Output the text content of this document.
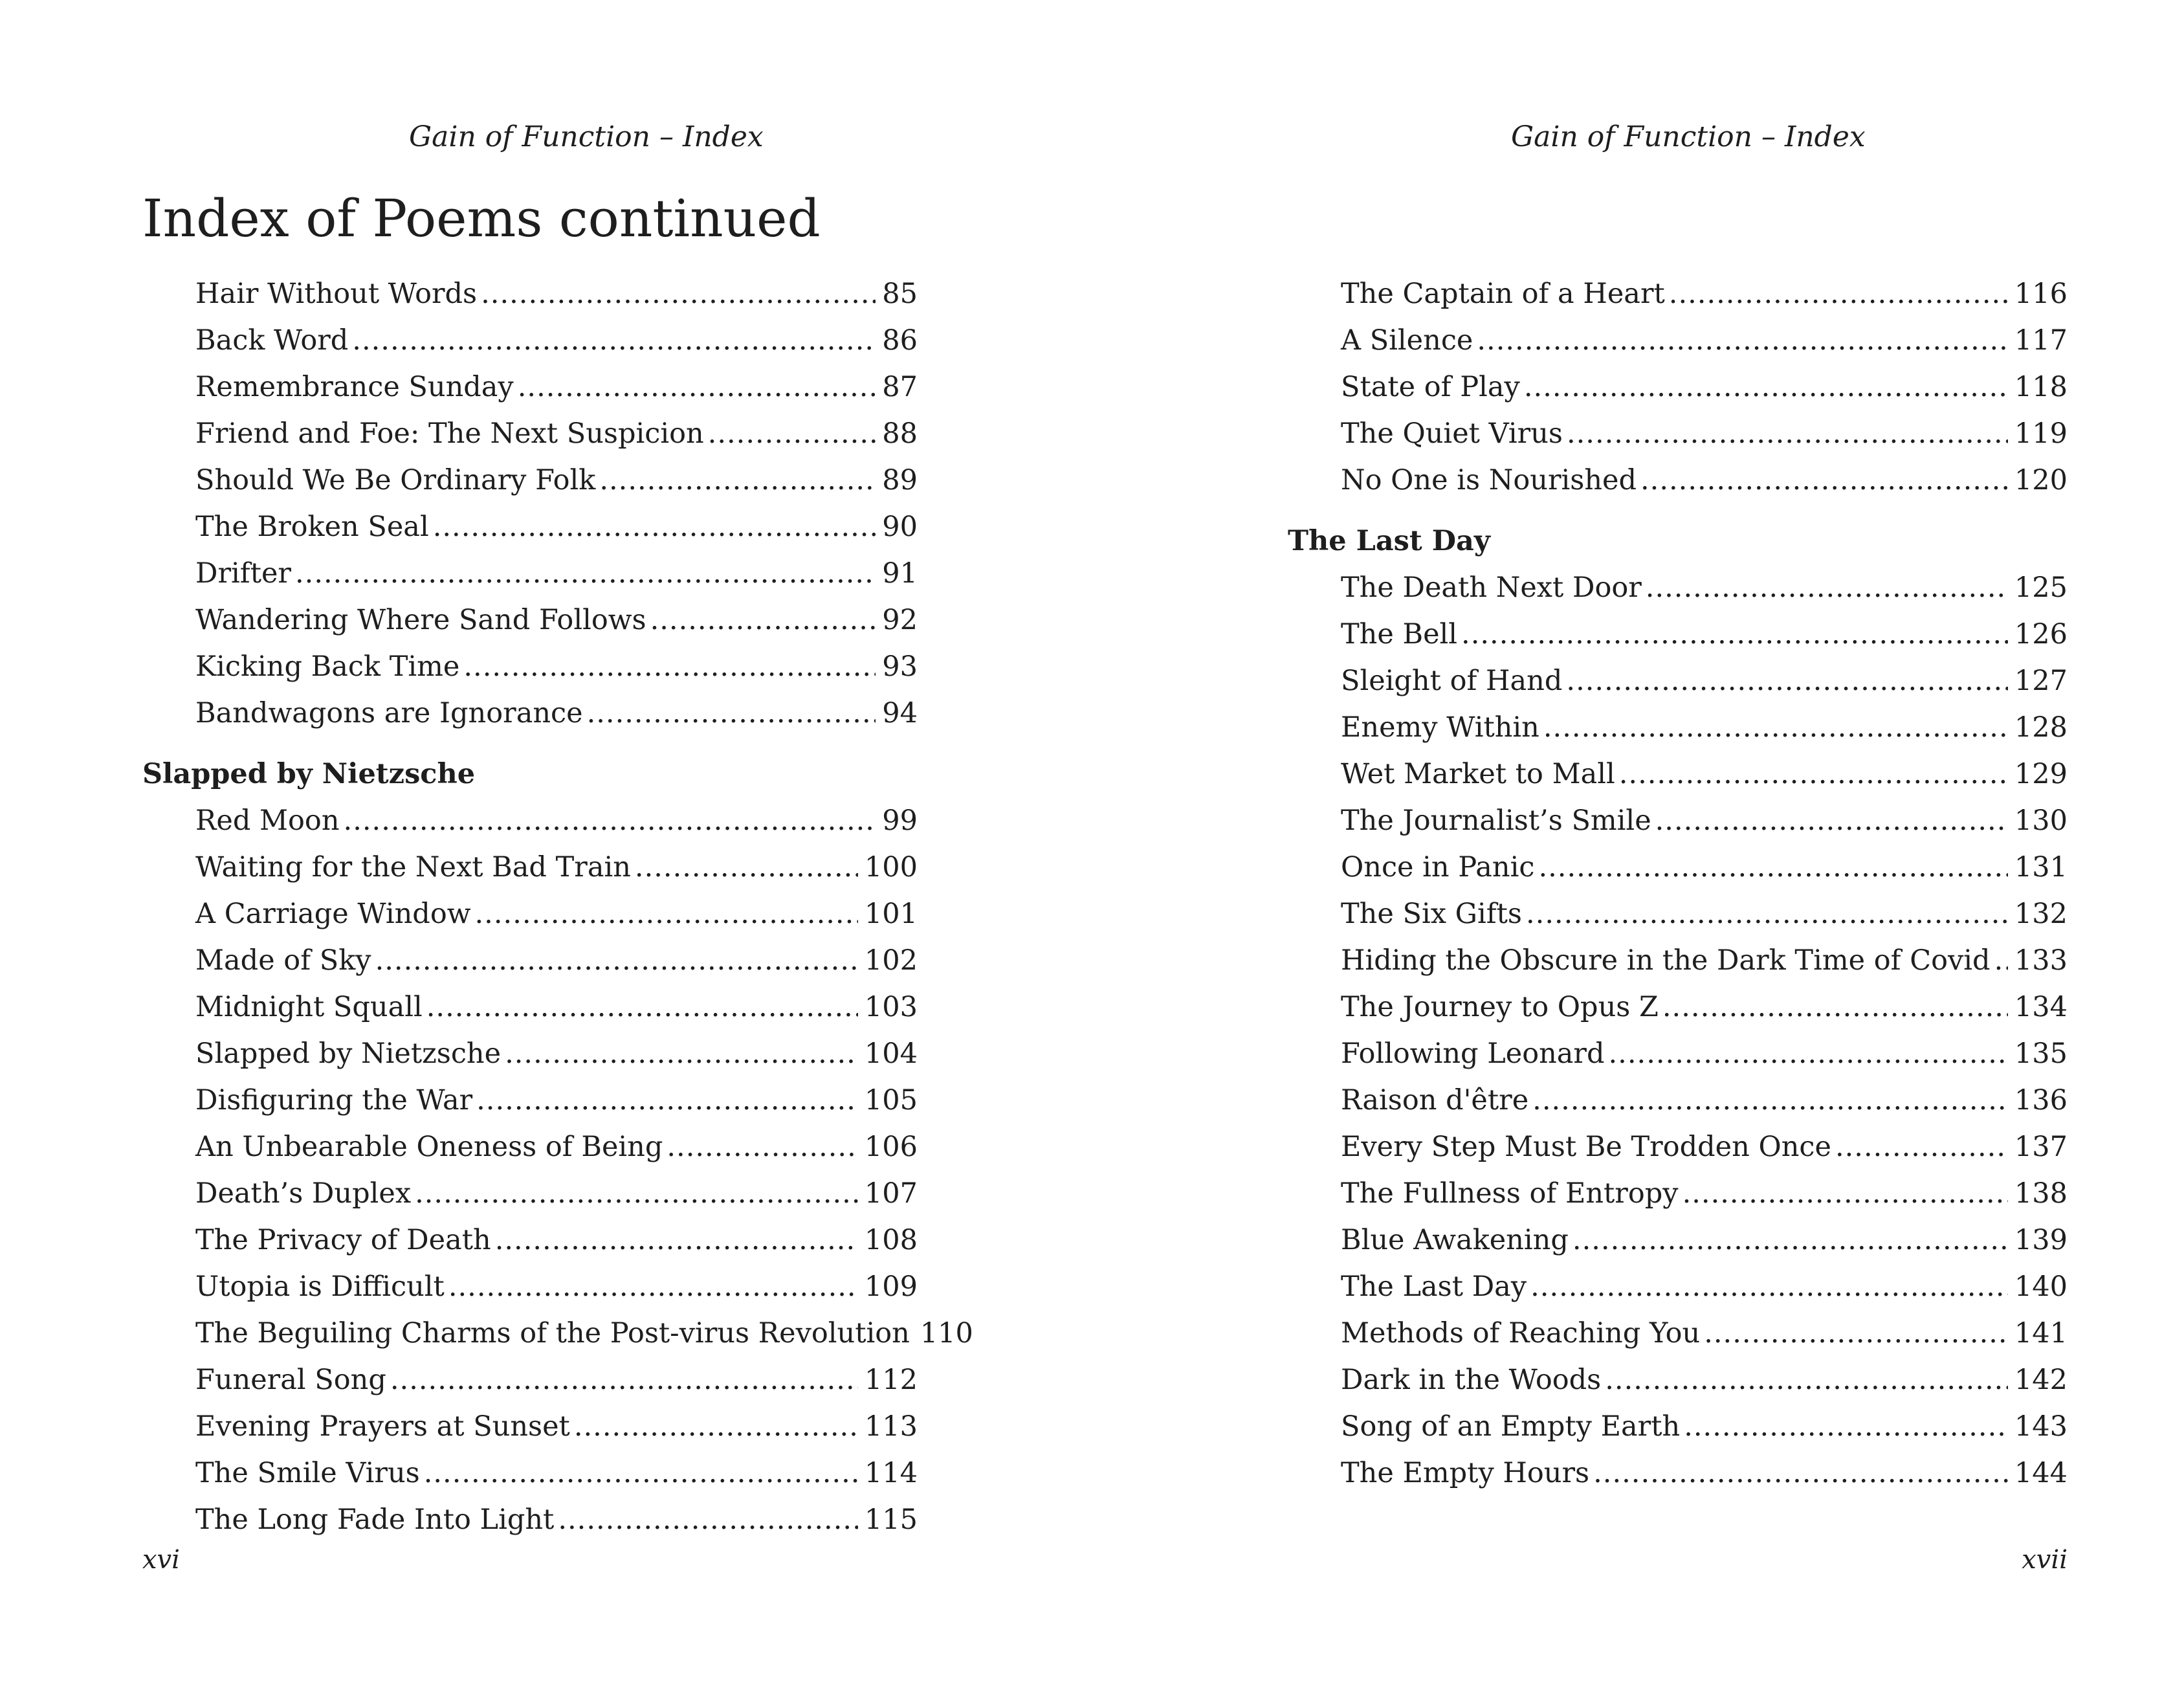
Gain of Function – Index
Index of Poems continued
Hair Without Words .....	85
Back Word .....	86
Remembrance Sunday .....	87
Friend and Foe: The Next Suspicion .....	88
Should We Be Ordinary Folk .....	89
The Broken Seal .....	90
Drifter .....	91
Wandering Where Sand Follows .....	92
Kicking Back Time .....	93
Bandwagons are Ignorance .....	94
Slapped by Nietzsche
Red Moon .....	99
Waiting for the Next Bad Train .....	100
A Carriage Window .....	101
Made of Sky .....	102
Midnight Squall .....	103
Slapped by Nietzsche .....	104
Disfiguring the War .....	105
An Unbearable Oneness of Being .....	106
Death’s Duplex .....	107
The Privacy of Death .....	108
Utopia is Difficult .....	109
The Beguiling Charms of the Post-virus Revolution 110
Funeral Song .....	112
Evening Prayers at Sunset .....	113
The Smile Virus .....	114
The Long Fade Into Light .....	115
xvi
Gain of Function – Index
The Captain of a Heart .....	116
A Silence .....	117
State of Play .....	118
The Quiet Virus .....	119
No One is Nourished .....	120
The Last Day
The Death Next Door .....	125
The Bell .....	126
Sleight of Hand .....	127
Enemy Within .....	128
Wet Market to Mall .....	129
The Journalist’s Smile .....	130
Once in Panic .....	131
The Six Gifts .....	132
Hiding the Obscure in the Dark Time of Covid ..... 133
The Journey to Opus Z .....	134
Following Leonard .....	135
Raison d'être .....	136
Every Step Must Be Trodden Once .....	137
The Fullness of Entropy .....	138
Blue Awakening .....	139
The Last Day .....	140
Methods of Reaching You .....	141
Dark in the Woods .....	142
Song of an Empty Earth .....	143
The Empty Hours .....	144
xvii
